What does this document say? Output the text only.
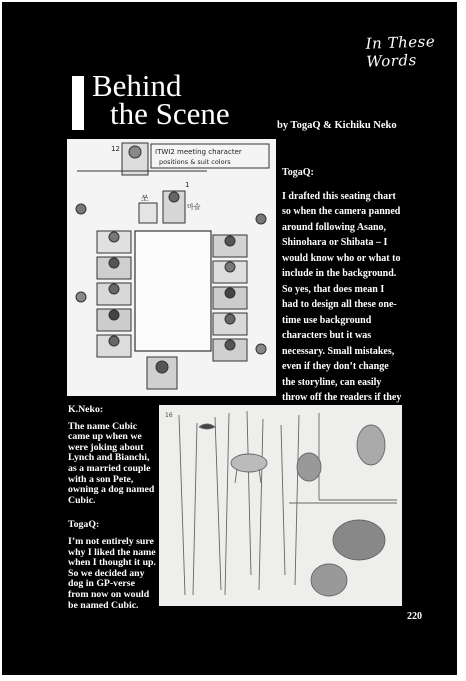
In These Words
Behind
the Scene	by TogaQ & Kichiku Neko
ITWI2 meeting character
positions & suit colors
12
1
쏘
마슬
TogaQ:
I drafted this seating chart so when the camera panned around following Asano, Shinohara or Shibata – I would know who or what to include in the background. So yes, that does mean I had to design all these one-time use background characters but it was necessary. Small mistakes, even if they don’t change the storyline, can easily throw off the readers if they
K.Neko:
The name Cubic came up when we were joking about Lynch and Bianchi, as a married couple with a son Pete, owning a dog named Cubic.
TogaQ:
I’m not entirely sure why I liked the name when I thought it up. So we decided any dog in GP-verse from now on would be named Cubic.
16
220
